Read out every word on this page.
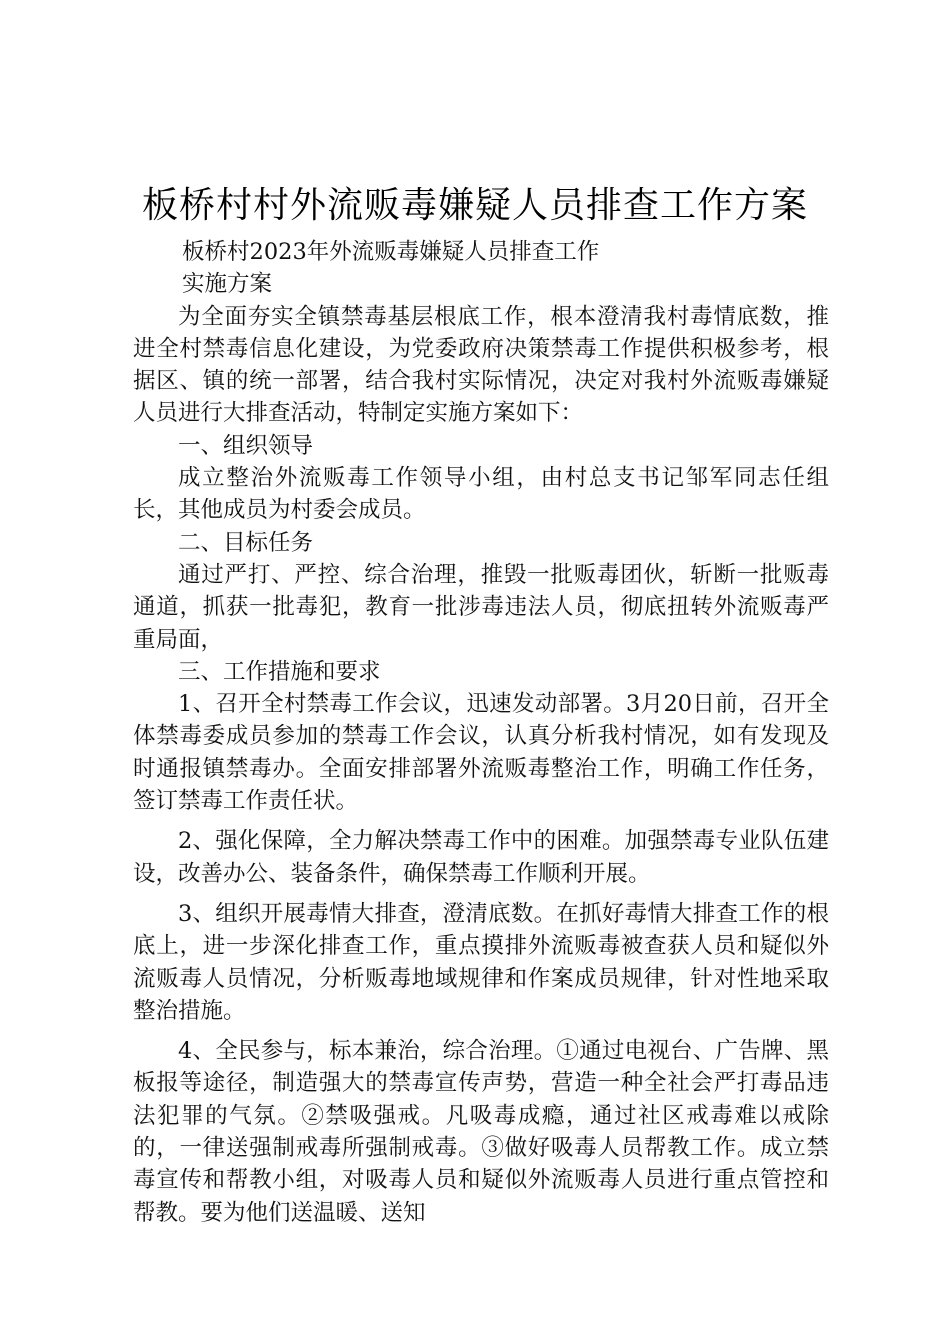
板桥村村外流贩毒嫌疑人员排查工作方案

板桥村2023年外流贩毒嫌疑人员排查工作

实施方案

为全面夯实全镇禁毒基层根底工作，根本澄清我村毒情底数，推进全村禁毒信息化建设，为党委政府决策禁毒工作提供积极参考，根据区、镇的统一部署，结合我村实际情况，决定对我村外流贩毒嫌疑人员进行大排查活动，特制定实施方案如下：

一、组织领导

成立整治外流贩毒工作领导小组，由村总支书记邹军同志任组长，其他成员为村委会成员。

二、目标任务

通过严打、严控、综合治理，推毁一批贩毒团伙，斩断一批贩毒通道，抓获一批毒犯，教育一批涉毒违法人员，彻底扭转外流贩毒严重局面，

三、工作措施和要求

1、召开全村禁毒工作会议，迅速发动部署。3月20日前，召开全体禁毒委成员参加的禁毒工作会议，认真分析我村情况，如有发现及时通报镇禁毒办。全面安排部署外流贩毒整治工作，明确工作任务，签订禁毒工作责任状。

2、强化保障，全力解决禁毒工作中的困难。加强禁毒专业队伍建设，改善办公、装备条件，确保禁毒工作顺利开展。

3、组织开展毒情大排查，澄清底数。在抓好毒情大排查工作的根底上，进一步深化排查工作，重点摸排外流贩毒被查获人员和疑似外流贩毒人员情况，分析贩毒地域规律和作案成员规律，针对性地采取整治措施。

4、全民参与，标本兼治，综合治理。①通过电视台、广告牌、黑板报等途径，制造强大的禁毒宣传声势，营造一种全社会严打毒品违法犯罪的气氛。②禁吸强戒。凡吸毒成瘾，通过社区戒毒难以戒除的，一律送强制戒毒所强制戒毒。③做好吸毒人员帮教工作。成立禁毒宣传和帮教小组，对吸毒人员和疑似外流贩毒人员进行重点管控和帮教。要为他们送温暖、送知
